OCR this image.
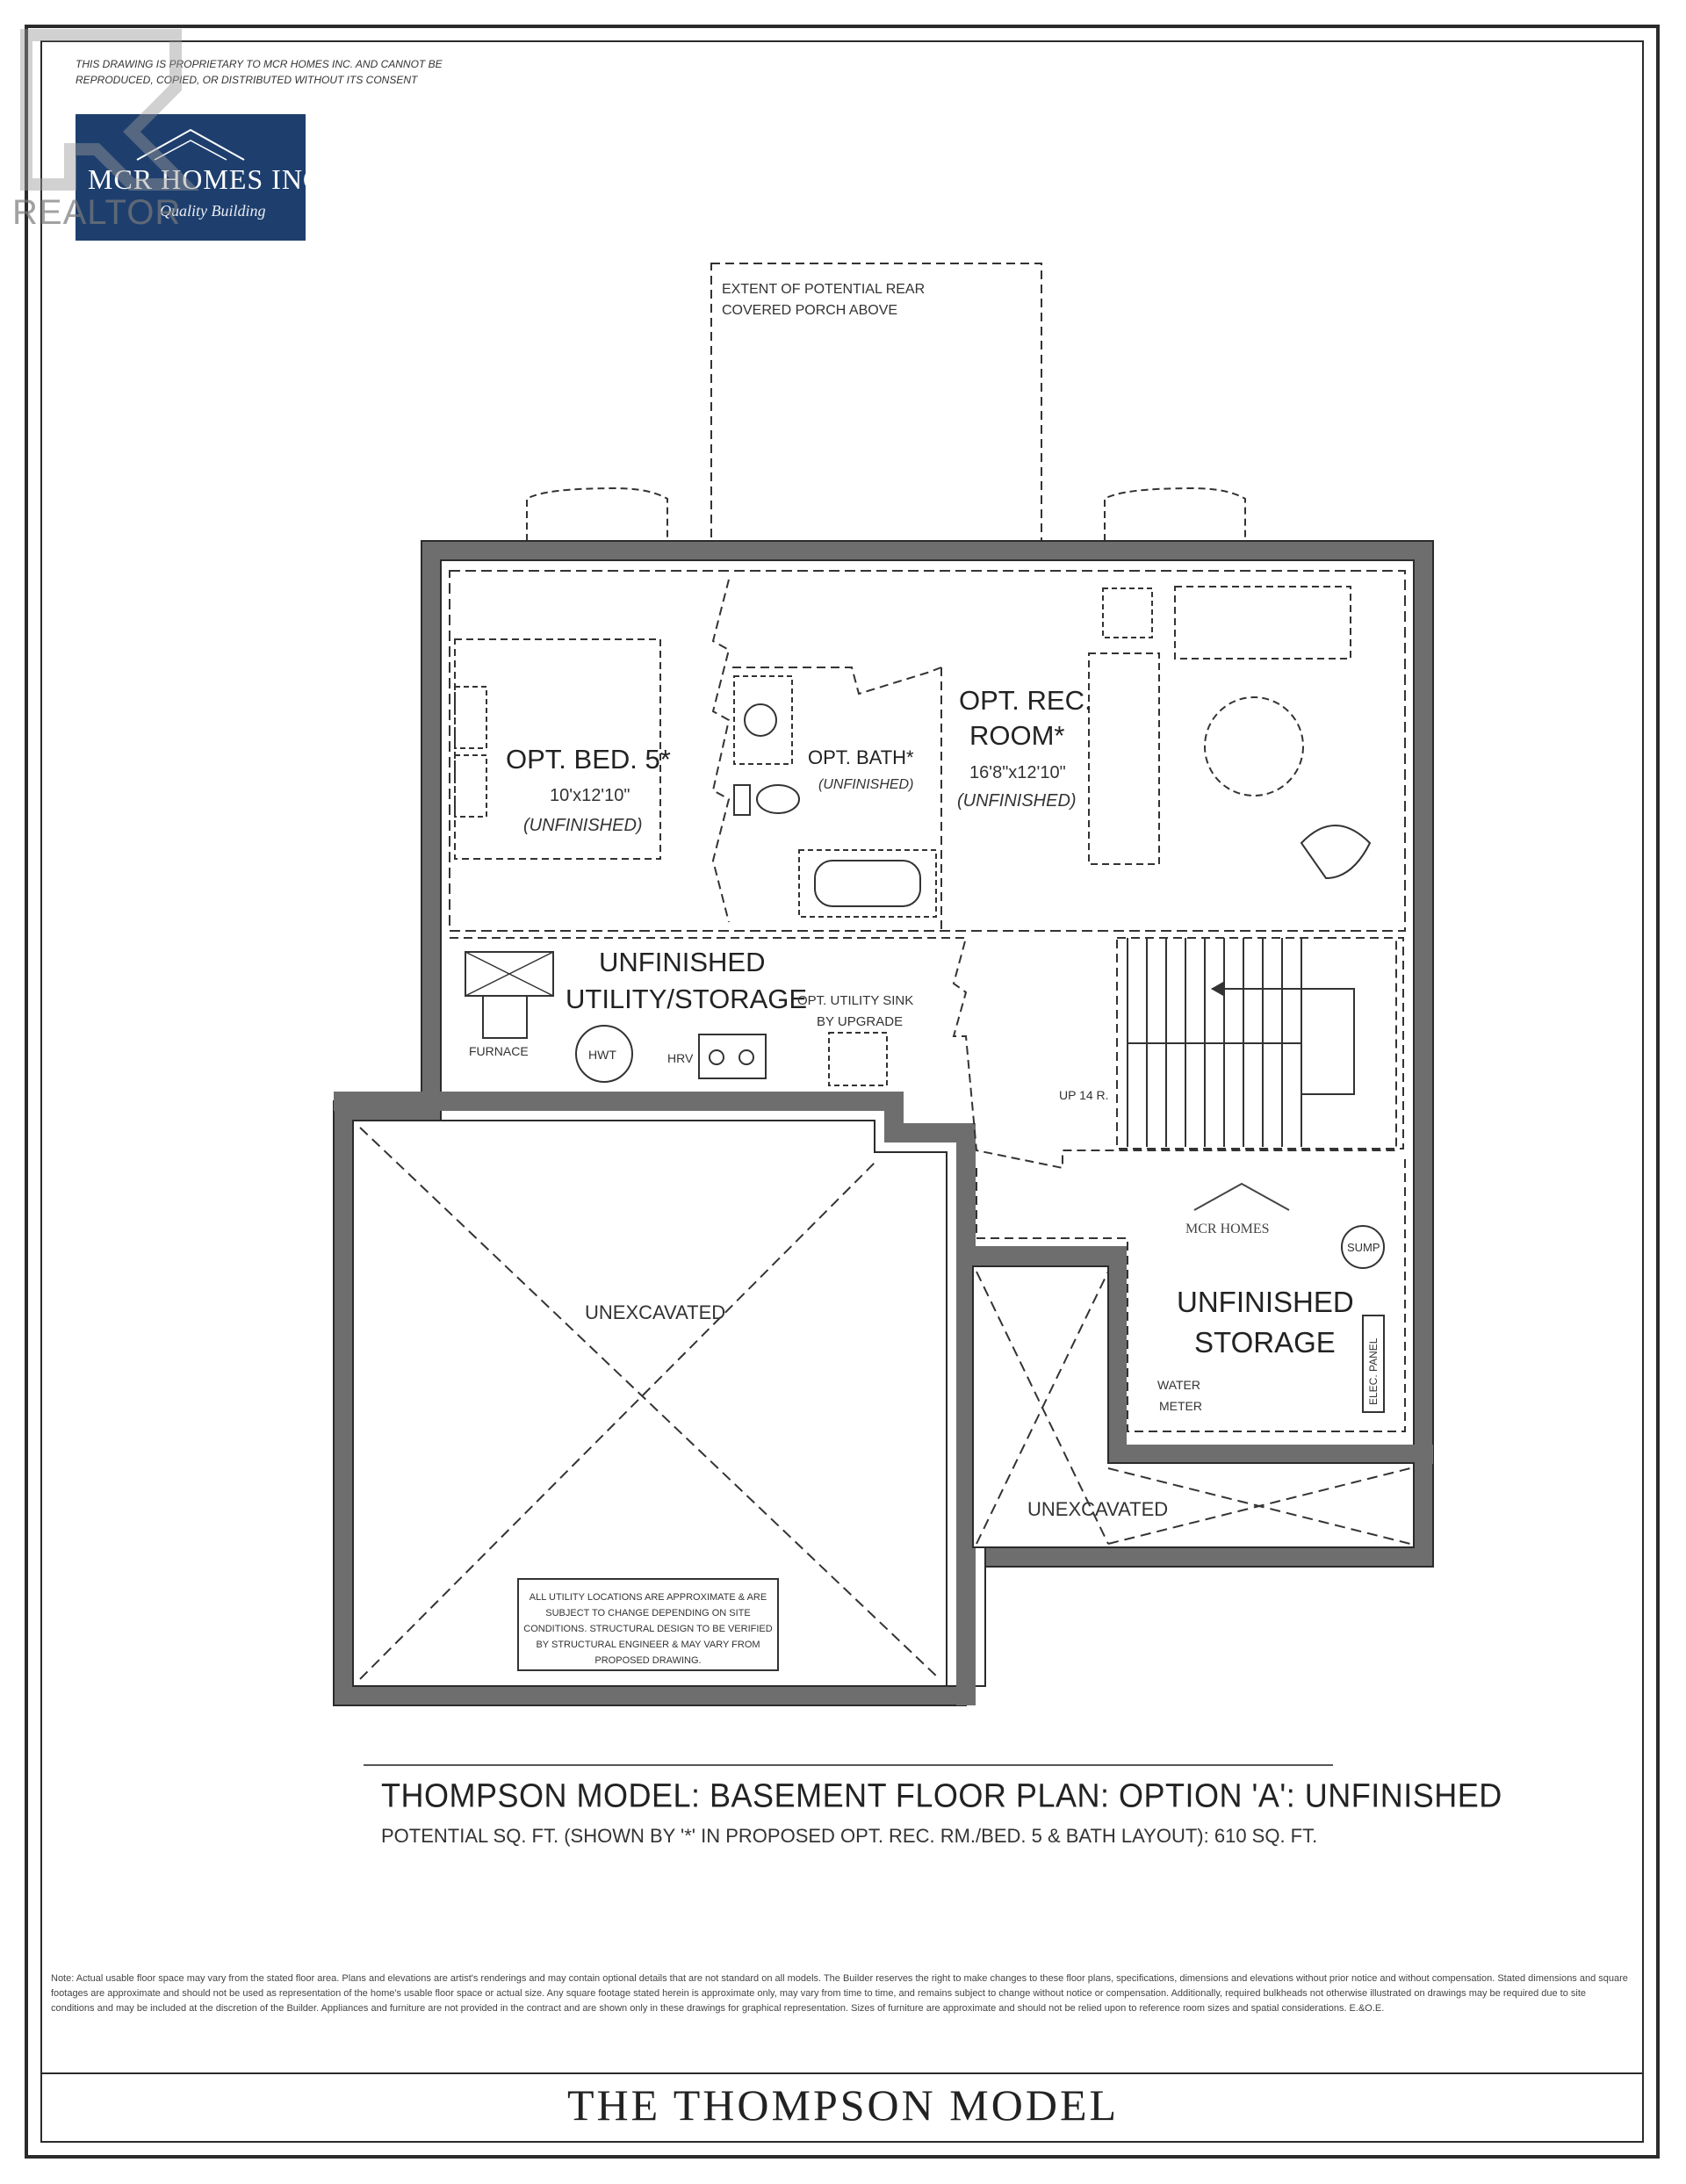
THIS DRAWING IS PROPRIETARY TO MCR HOMES INC. AND CANNOT BE REPRODUCED, COPIED, OR DISTRIBUTED WITHOUT ITS CONSENT
MCR HOMES INC.
Quality Building
REALTOR
EXTENT OF POTENTIAL REAR
COVERED PORCH ABOVE
UNEXCAVATED
UNEXCAVATED
OPT. BED. 5*
10'x12'10"
(UNFINISHED)
OPT. BATH*
(UNFINISHED)
OPT. REC.
ROOM*
16'8"x12'10"
(UNFINISHED)
FURNACE	HWT	HRV
UNFINISHED
UTILITY/STORAGE
OPT. UTILITY SINK
BY UPGRADE
UP 14 R.
MCR HOMES
SUMP
UNFINISHED
STORAGE
WATER
METER
ELEC. PANEL
ALL UTILITY LOCATIONS ARE APPROXIMATE & ARE
SUBJECT TO CHANGE DEPENDING ON SITE
CONDITIONS. STRUCTURAL DESIGN TO BE VERIFIED
BY STRUCTURAL ENGINEER & MAY VARY FROM
PROPOSED DRAWING.
THOMPSON MODEL: BASEMENT FLOOR PLAN: OPTION 'A': UNFINISHED
POTENTIAL SQ. FT. (SHOWN BY '*' IN PROPOSED OPT. REC. RM./BED. 5 & BATH LAYOUT): 610 SQ. FT.
Note: Actual usable floor space may vary from the stated floor area. Plans and elevations are artist's renderings and may contain optional details that are not standard on all models. The Builder reserves the right to make changes to these floor plans, specifications, dimensions and elevations without prior notice and without compensation. Stated dimensions and square footages are approximate and should not be used as representation of the home's usable floor space or actual size. Any square footage stated herein is approximate only, may vary from time to time, and remains subject to change without notice or compensation. Additionally, required bulkheads not otherwise illustrated on drawings may be required due to site conditions and may be included at the discretion of the Builder. Appliances and furniture are not provided in the contract and are shown only in these drawings for graphical representation. Sizes of furniture are approximate and should not be relied upon to reference room sizes and spatial considerations. E.&O.E.
THE THOMPSON MODEL
